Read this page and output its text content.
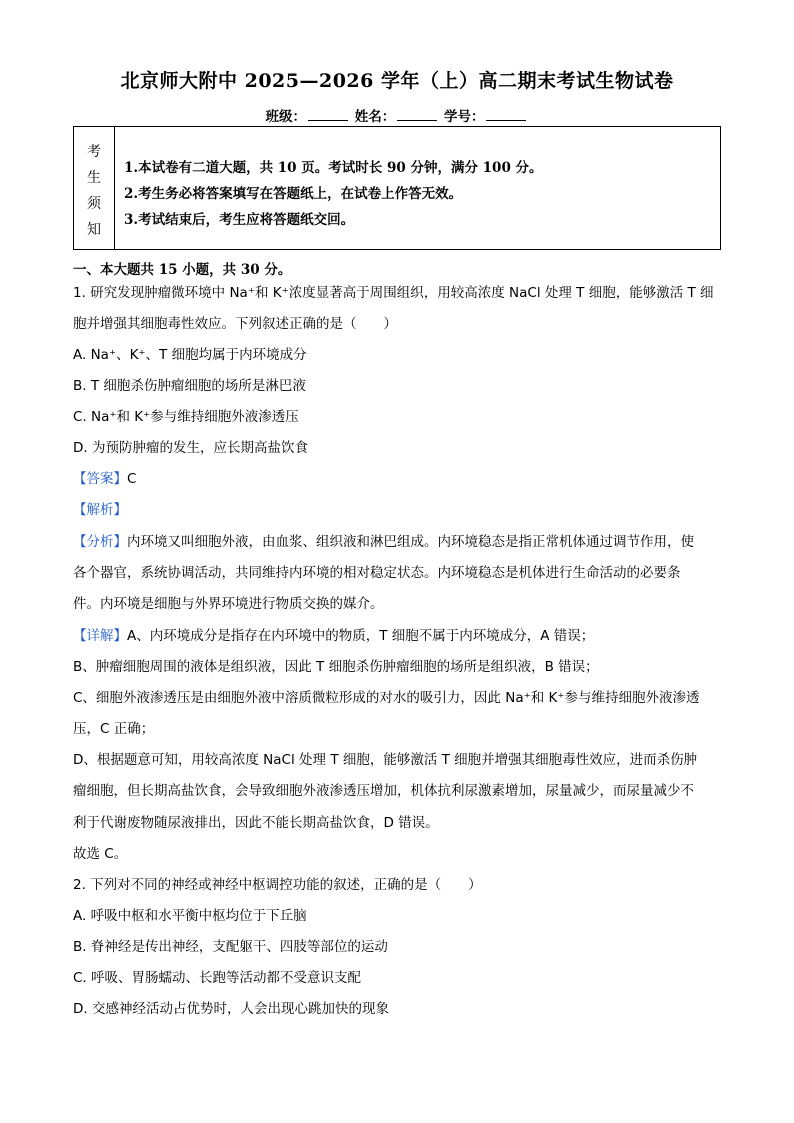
北京师大附中 2025—2026 学年（上）高二期末考试生物试卷
班级：	姓名：	学号：
考
生
须
知
1.本试卷有二道大题，共 10 页。考试时长 90 分钟，满分 100 分。
2.考生务必将答案填写在答题纸上，在试卷上作答无效。
3.考试结束后，考生应将答题纸交回。
一、本大题共 15 小题，共 30 分。
1. 研究发现肿瘤微环境中 Na⁺和 K⁺浓度显著高于周围组织，用较高浓度 NaCl 处理 T 细胞，能够激活 T 细
胞并增强其细胞毒性效应。下列叙述正确的是（　　）
A. Na⁺、K⁺、T 细胞均属于内环境成分
B. T 细胞杀伤肿瘤细胞的场所是淋巴液
C. Na⁺和 K⁺参与维持细胞外液渗透压
D. 为预防肿瘤的发生，应长期高盐饮食
【答案】C
【解析】
【分析】内环境又叫细胞外液，由血浆、组织液和淋巴组成。内环境稳态是指正常机体通过调节作用，使
各个器官，系统协调活动，共同维持内环境的相对稳定状态。内环境稳态是机体进行生命活动的必要条
件。内环境是细胞与外界环境进行物质交换的媒介。
【详解】A、内环境成分是指存在内环境中的物质，T 细胞不属于内环境成分，A 错误；
B、肿瘤细胞周围的液体是组织液，因此 T 细胞杀伤肿瘤细胞的场所是组织液，B 错误；
C、细胞外液渗透压是由细胞外液中溶质微粒形成的对水的吸引力，因此 Na⁺和 K⁺参与维持细胞外液渗透
压，C 正确；
D、根据题意可知，用较高浓度 NaCl 处理 T 细胞，能够激活 T 细胞并增强其细胞毒性效应，进而杀伤肿
瘤细胞，但长期高盐饮食，会导致细胞外液渗透压增加，机体抗利尿激素增加，尿量减少，而尿量减少不
利于代谢废物随尿液排出，因此不能长期高盐饮食，D 错误。
故选 C。
2. 下列对不同的神经或神经中枢调控功能的叙述，正确的是（　　）
A. 呼吸中枢和水平衡中枢均位于下丘脑
B. 脊神经是传出神经，支配躯干、四肢等部位的运动
C. 呼吸、胃肠蠕动、长跑等活动都不受意识支配
D. 交感神经活动占优势时，人会出现心跳加快的现象
